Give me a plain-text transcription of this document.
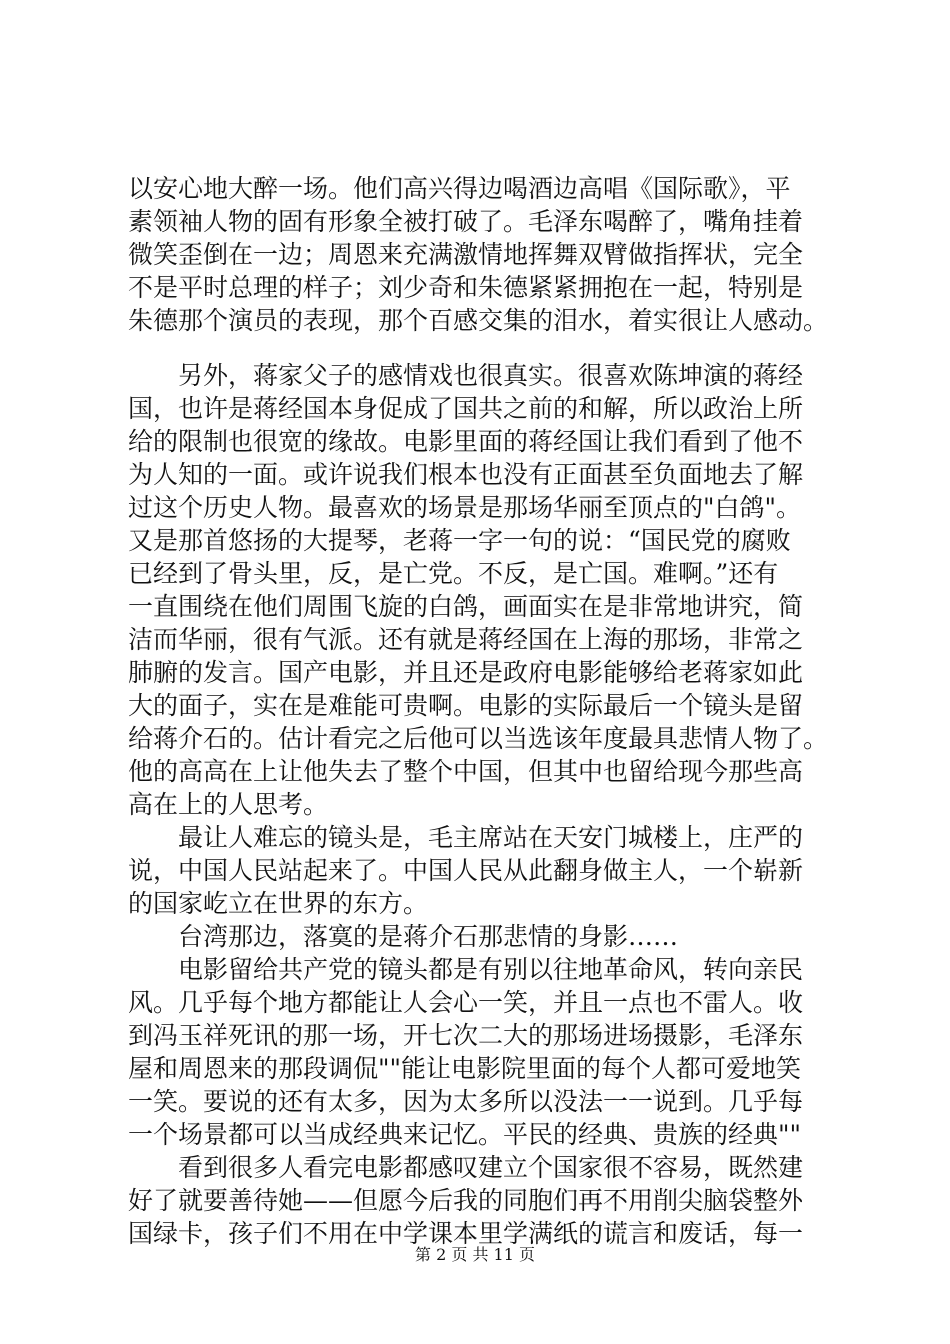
以安心地大醉一场。他们高兴得边喝酒边高唱《国际歌》，平
素领袖人物的固有形象全被打破了。毛泽东喝醉了，嘴角挂着
微笑歪倒在一边；周恩来充满激情地挥舞双臂做指挥状，完全
不是平时总理的样子；刘少奇和朱德紧紧拥抱在一起，特别是
朱德那个演员的表现，那个百感交集的泪水，着实很让人感动。
　　另外，蒋家父子的感情戏也很真实。很喜欢陈坤演的蒋经
国，也许是蒋经国本身促成了国共之前的和解，所以政治上所
给的限制也很宽的缘故。电影里面的蒋经国让我们看到了他不
为人知的一面。或许说我们根本也没有正面甚至负面地去了解
过这个历史人物。最喜欢的场景是那场华丽至顶点的"白鸽"。
又是那首悠扬的大提琴，老蒋一字一句的说：“国民党的腐败
已经到了骨头里，反，是亡党。不反，是亡国。难啊。”还有
一直围绕在他们周围飞旋的白鸽，画面实在是非常地讲究，简
洁而华丽，很有气派。还有就是蒋经国在上海的那场，非常之
肺腑的发言。国产电影，并且还是政府电影能够给老蒋家如此
大的面子，实在是难能可贵啊。电影的实际最后一个镜头是留
给蒋介石的。估计看完之后他可以当选该年度最具悲情人物了。
他的高高在上让他失去了整个中国，但其中也留给现今那些高
高在上的人思考。
　　最让人难忘的镜头是，毛主席站在天安门城楼上，庄严的
说，中国人民站起来了。中国人民从此翻身做主人，一个崭新
的国家屹立在世界的东方。
　　台湾那边，落寞的是蒋介石那悲情的身影……
　　电影留给共产党的镜头都是有别以往地革命风，转向亲民
风。几乎每个地方都能让人会心一笑，并且一点也不雷人。收
到冯玉祥死讯的那一场，开七次二大的那场进场摄影，毛泽东
屋和周恩来的那段调侃""能让电影院里面的每个人都可爱地笑
一笑。要说的还有太多，因为太多所以没法一一说到。几乎每
一个场景都可以当成经典来记忆。平民的经典、贵族的经典""
　　看到很多人看完电影都感叹建立个国家很不容易，既然建
好了就要善待她——但愿今后我的同胞们再不用削尖脑袋整外
国绿卡，孩子们不用在中学课本里学满纸的谎言和废话，每一
第 2 页 共 11 页
